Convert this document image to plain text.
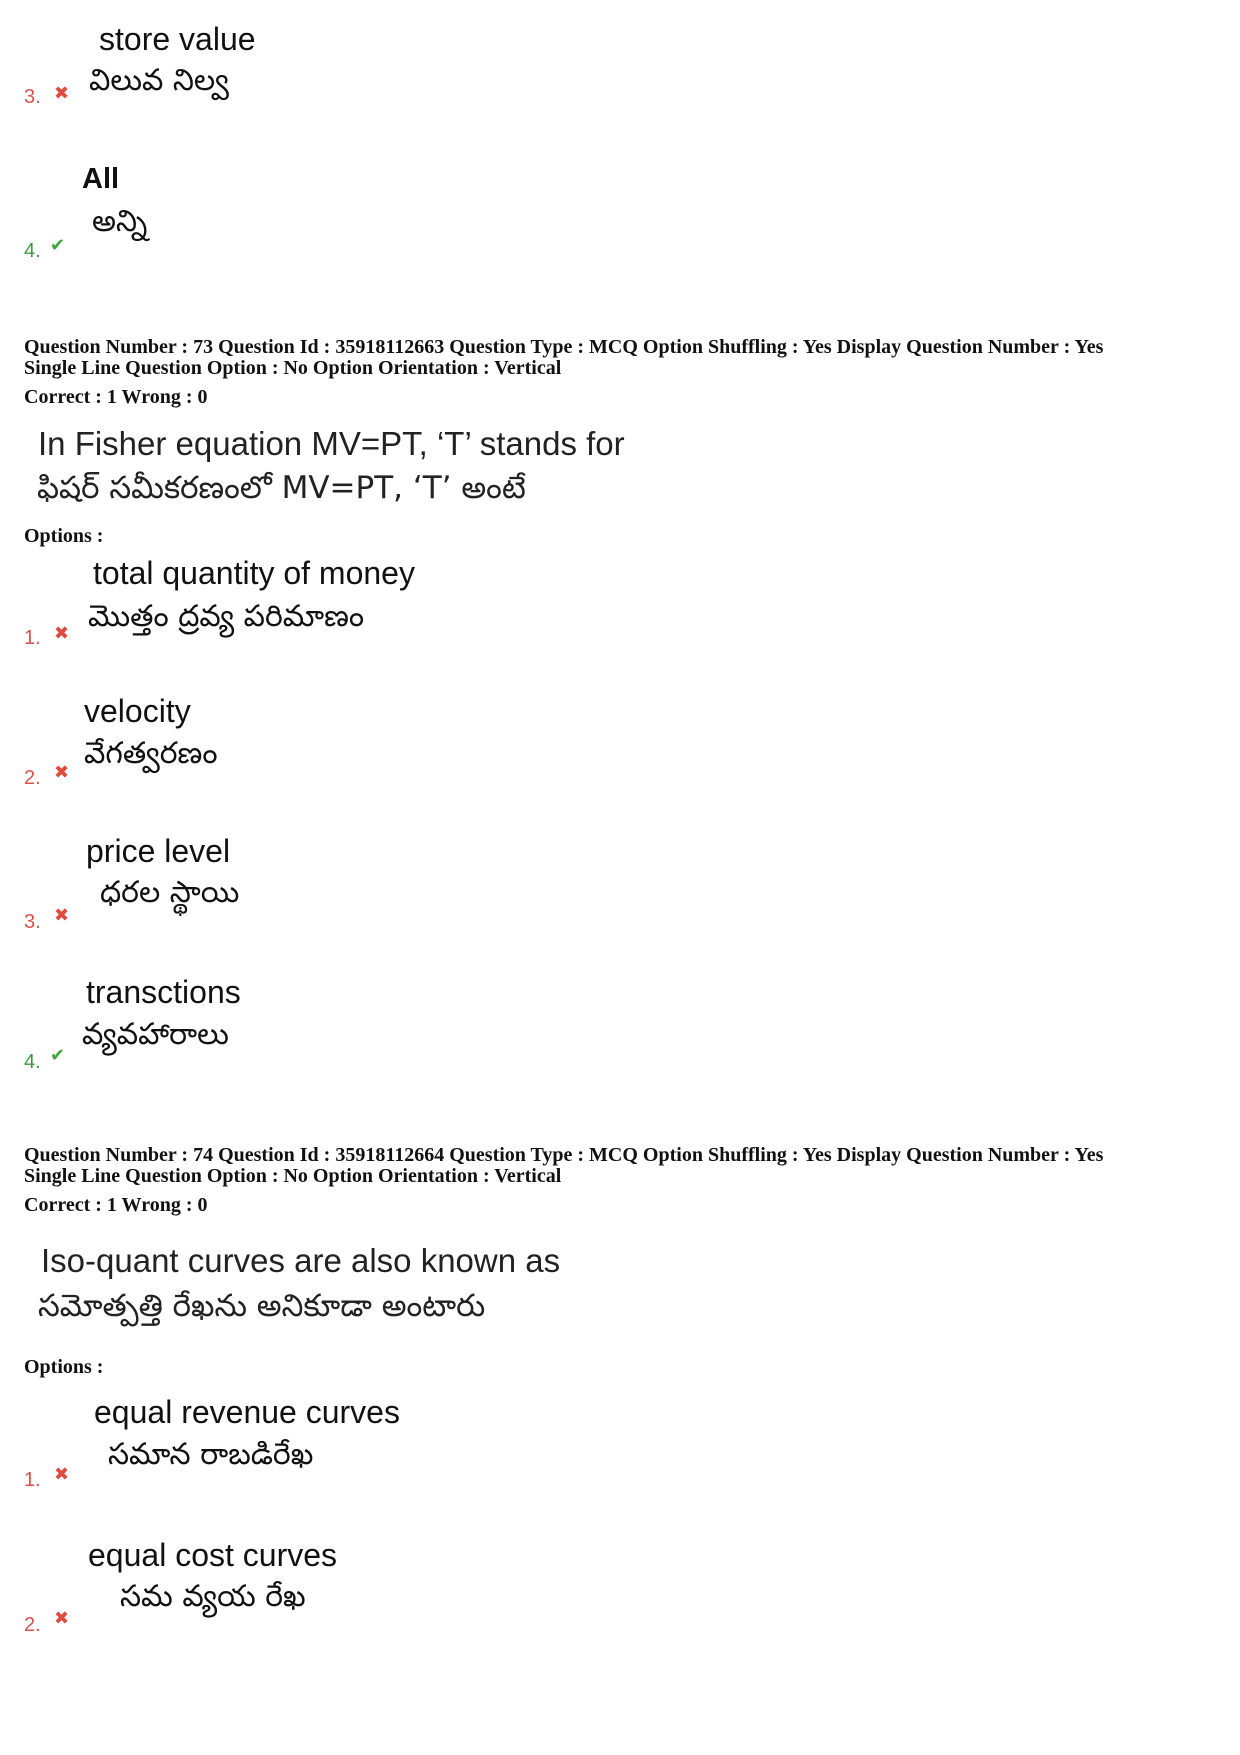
store value
విలువ నిల్వ
3. ✖
All
అన్ని
4. ✔
Question Number : 73 Question Id : 35918112663 Question Type : MCQ Option Shuffling : Yes Display Question Number : Yes
Single Line Question Option : No Option Orientation : Vertical
Correct : 1 Wrong : 0
In Fisher equation MV=PT, ‘T’ stands for
ఫిషర్ సమీకరణంలో MV=PT, ‘T’ అంటే
Options :
total quantity of money
మొత్తం ద్రవ్య పరిమాణం
1. ✖
velocity
వేగత్వరణం
2. ✖
price level
ధరల స్థాయి
3. ✖
transctions
వ్యవహారాలు
4. ✔
Question Number : 74 Question Id : 35918112664 Question Type : MCQ Option Shuffling : Yes Display Question Number : Yes
Single Line Question Option : No Option Orientation : Vertical
Correct : 1 Wrong : 0
Iso-quant curves are also known as
సమోత్పత్తి రేఖను అనికూడా అంటారు
Options :
equal revenue curves
సమాన రాబడిరేఖ
1. ✖
equal cost curves
సమ వ్యయ రేఖ
2. ✖
